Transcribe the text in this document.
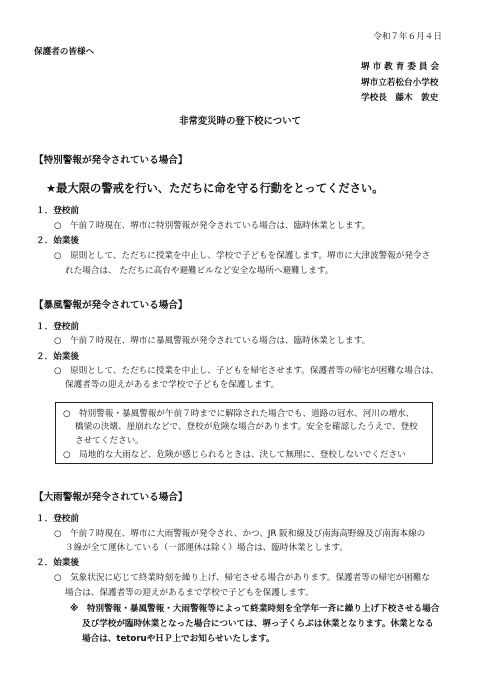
令和７年６月４日
保護者の皆様へ
堺 市 教 育 委 員 会
堺市立若松台小学校
学校長　藤木　敦史
非常変災時の登下校について
【特別警報が発令されている場合】
★最大限の警戒を行い、ただちに命を守る行動をとってください。
１．登校前
○　午前７時現在、堺市に特別警報が発令されている場合は、臨時休業とします。
２．始業後
○　原則として、ただちに授業を中止し、学校で子どもを保護します。堺市に大津波警報が発令さ
れた場合は、 ただちに高台や避難ビルなど安全な場所へ避難します。
【暴風警報が発令されている場合】
１．登校前
○　午前７時現在、堺市に暴風警報が発令されている場合は、臨時休業とします。
２．始業後
○　原則として、ただちに授業を中止し、子どもを帰宅させます。保護者等の帰宅が困難な場合は、
保護者等の迎えがあるまで学校で子どもを保護します。
○　特別警報・暴風警報が午前７時までに解除された場合でも、道路の冠水、河川の増水、
橋梁の決壊、崖崩れなどで、登校が危険な場合があります。安全を確認したうえで、登校
させてください。
○　局地的な大雨など、危険が感じられるときは、決して無理に、登校しないでください
【大雨警報が発令されている場合】
１．登校前
○　午前７時現在、堺市に大雨警報が発令され、かつ、JR 阪和線及び南海高野線及び南海本線の
３線が全て運休している（一部運休は除く）場合は、臨時休業とします。
２．始業後
○　気象状況に応じて終業時刻を繰り上げ、帰宅させる場合があります。保護者等の帰宅が困難な
場合は、保護者等の迎えがあるまで学校で子どもを保護します。
※　特別警報・暴風警報・大雨警報等によって終業時刻を全学年一斉に繰り上げ下校させる場合
及び学校が臨時休業となった場合については、堺っ子くらぶは休業となります。休業となる
場合は、tetoruやＨＰ上でお知らせいたします。
